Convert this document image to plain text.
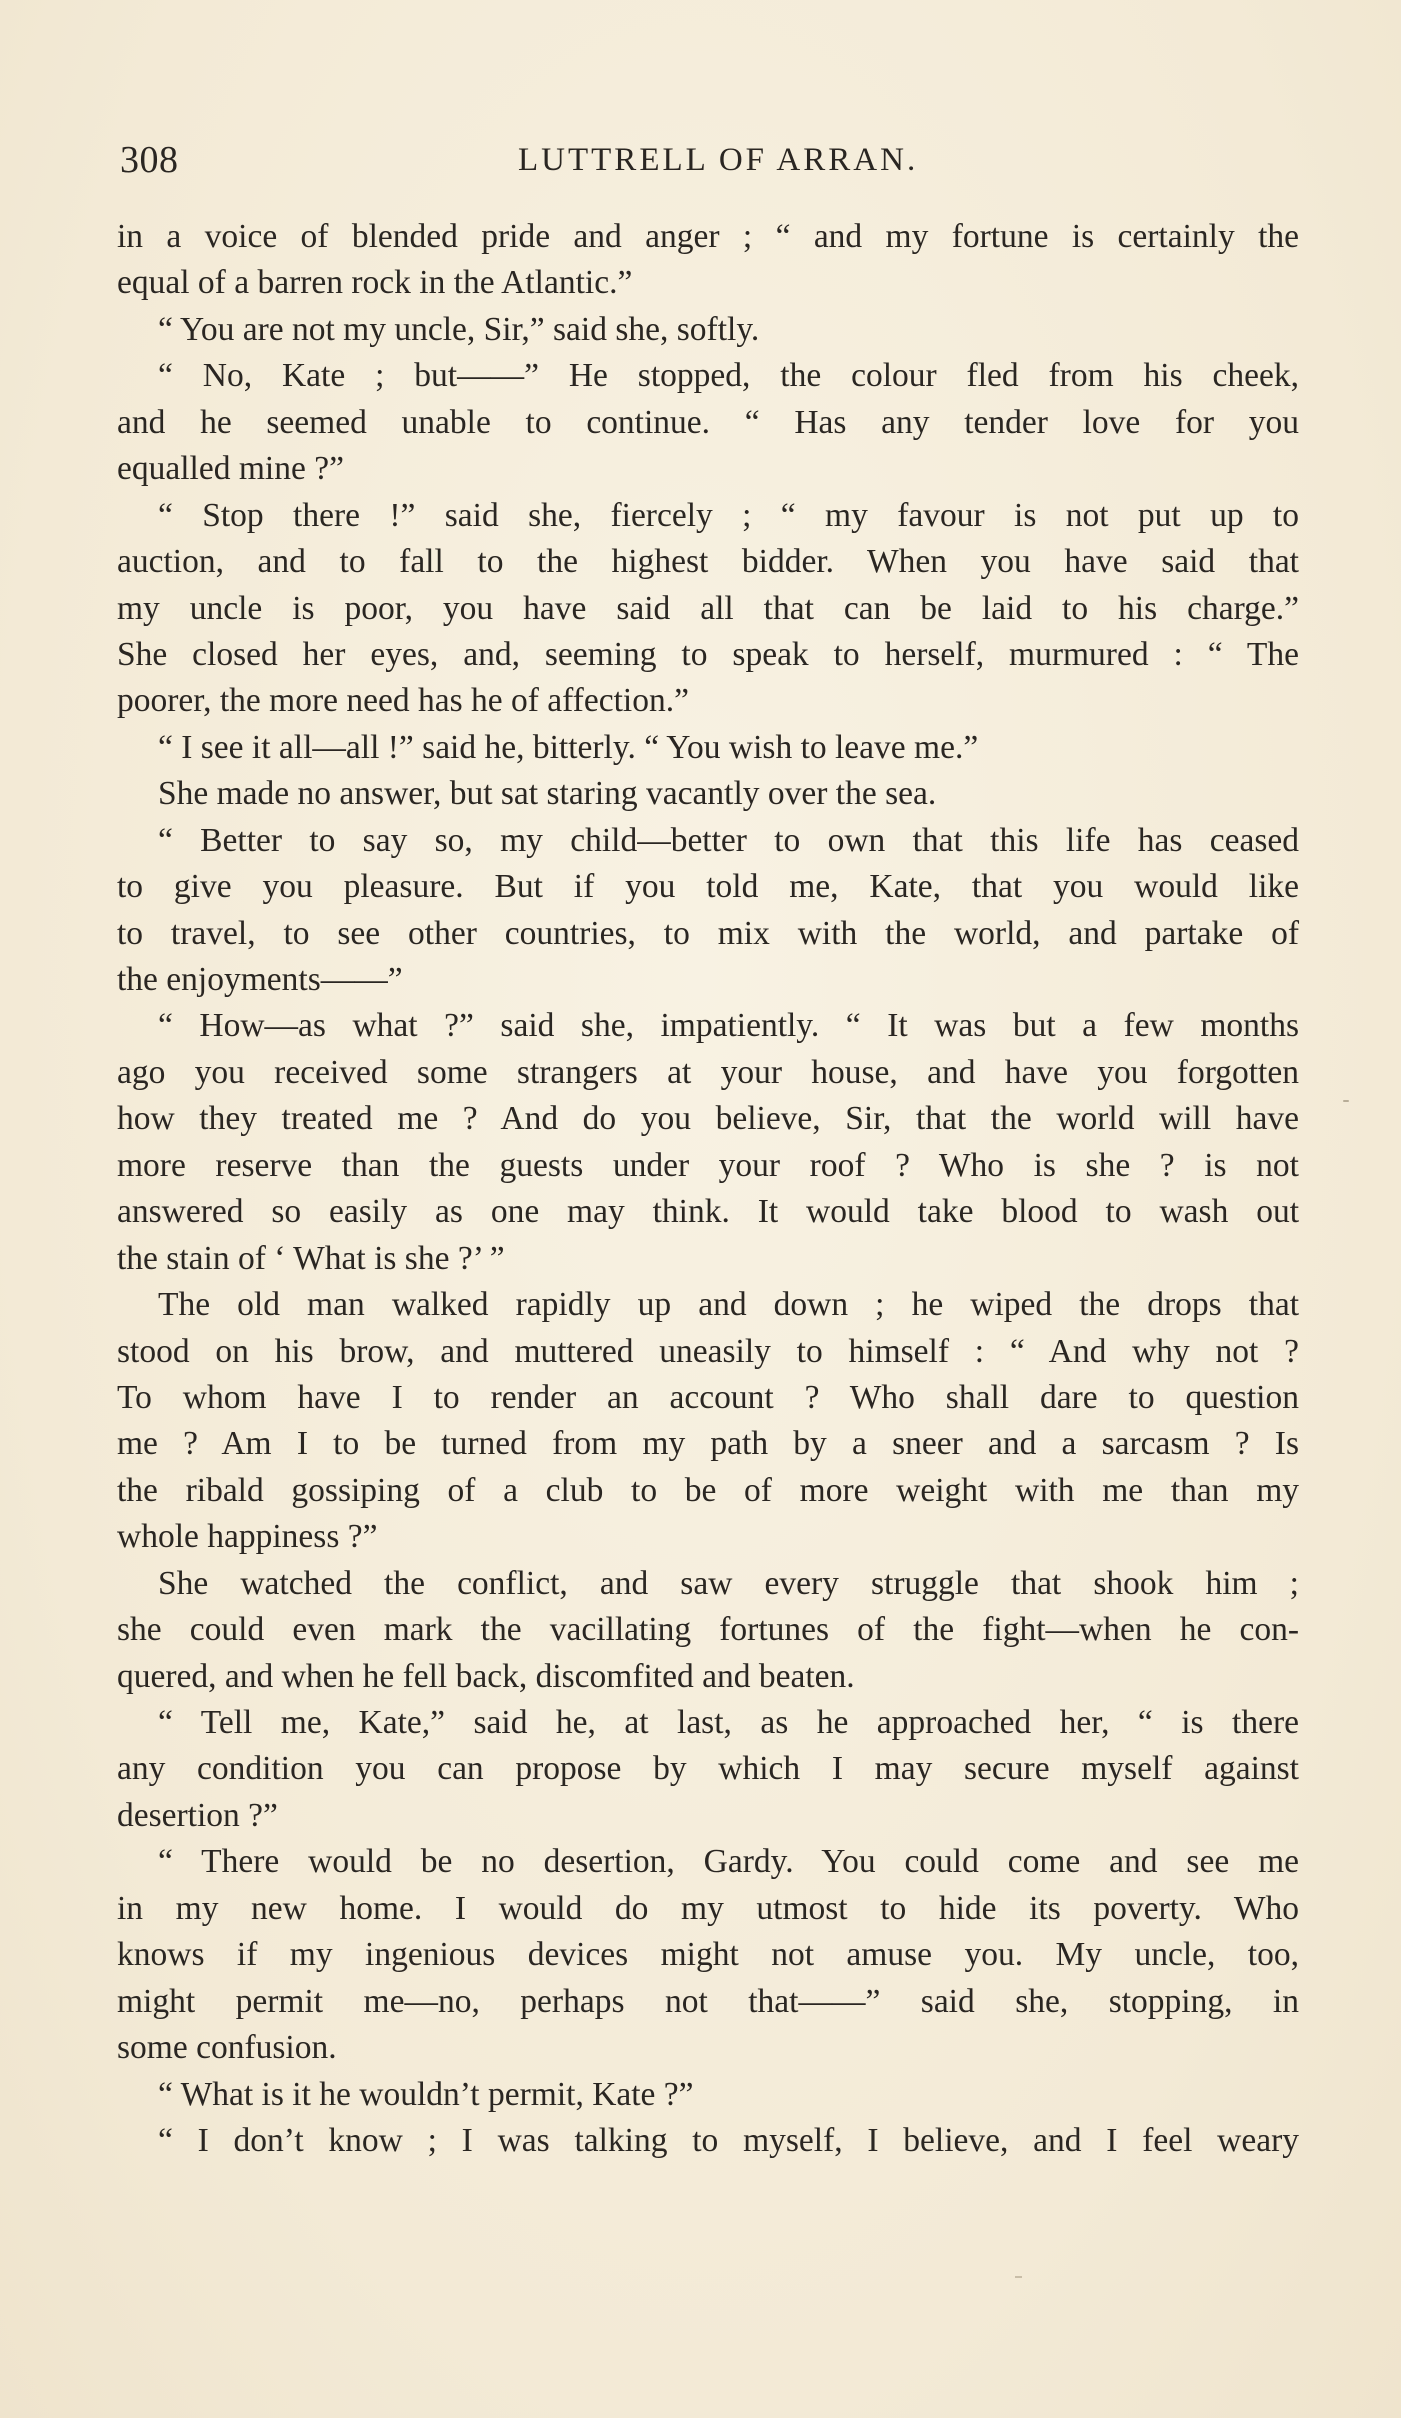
308	LUTTRELL OF ARRAN.
in a voice of blended pride and anger ; “ and my fortune is certainly the
equal of a barren rock in the Atlantic.”
“ You are not my uncle, Sir,” said she, softly.
“ No, Kate ; but——” He stopped, the colour fled from his cheek,
and he seemed unable to continue. “ Has any tender love for you
equalled mine ?”
“ Stop there !” said she, fiercely ; “ my favour is not put up to
auction, and to fall to the highest bidder. When you have said that
my uncle is poor, you have said all that can be laid to his charge.”
She closed her eyes, and, seeming to speak to herself, murmured : “ The
poorer, the more need has he of affection.”
“ I see it all—all !” said he, bitterly. “ You wish to leave me.”
She made no answer, but sat staring vacantly over the sea.
“ Better to say so, my child—better to own that this life has ceased
to give you pleasure. But if you told me, Kate, that you would like
to travel, to see other countries, to mix with the world, and partake of
the enjoyments——”
“ How—as what ?” said she, impatiently. “ It was but a few months
ago you received some strangers at your house, and have you forgotten
how they treated me ? And do you believe, Sir, that the world will have
more reserve than the guests under your roof ? Who is she ? is not
answered so easily as one may think. It would take blood to wash out
the stain of ‘ What is she ?’ ”
The old man walked rapidly up and down ; he wiped the drops that
stood on his brow, and muttered uneasily to himself : “ And why not ?
To whom have I to render an account ? Who shall dare to question
me ? Am I to be turned from my path by a sneer and a sarcasm ? Is
the ribald gossiping of a club to be of more weight with me than my
whole happiness ?”
She watched the conflict, and saw every struggle that shook him ;
she could even mark the vacillating fortunes of the fight—when he con-
quered, and when he fell back, discomfited and beaten.
“ Tell me, Kate,” said he, at last, as he approached her, “ is there
any condition you can propose by which I may secure myself against
desertion ?”
“ There would be no desertion, Gardy. You could come and see me
in my new home. I would do my utmost to hide its poverty. Who
knows if my ingenious devices might not amuse you. My uncle, too,
might permit me—no, perhaps not that——” said she, stopping, in
some confusion.
“ What is it he wouldn’t permit, Kate ?”
“ I don’t know ; I was talking to myself, I believe, and I feel weary
